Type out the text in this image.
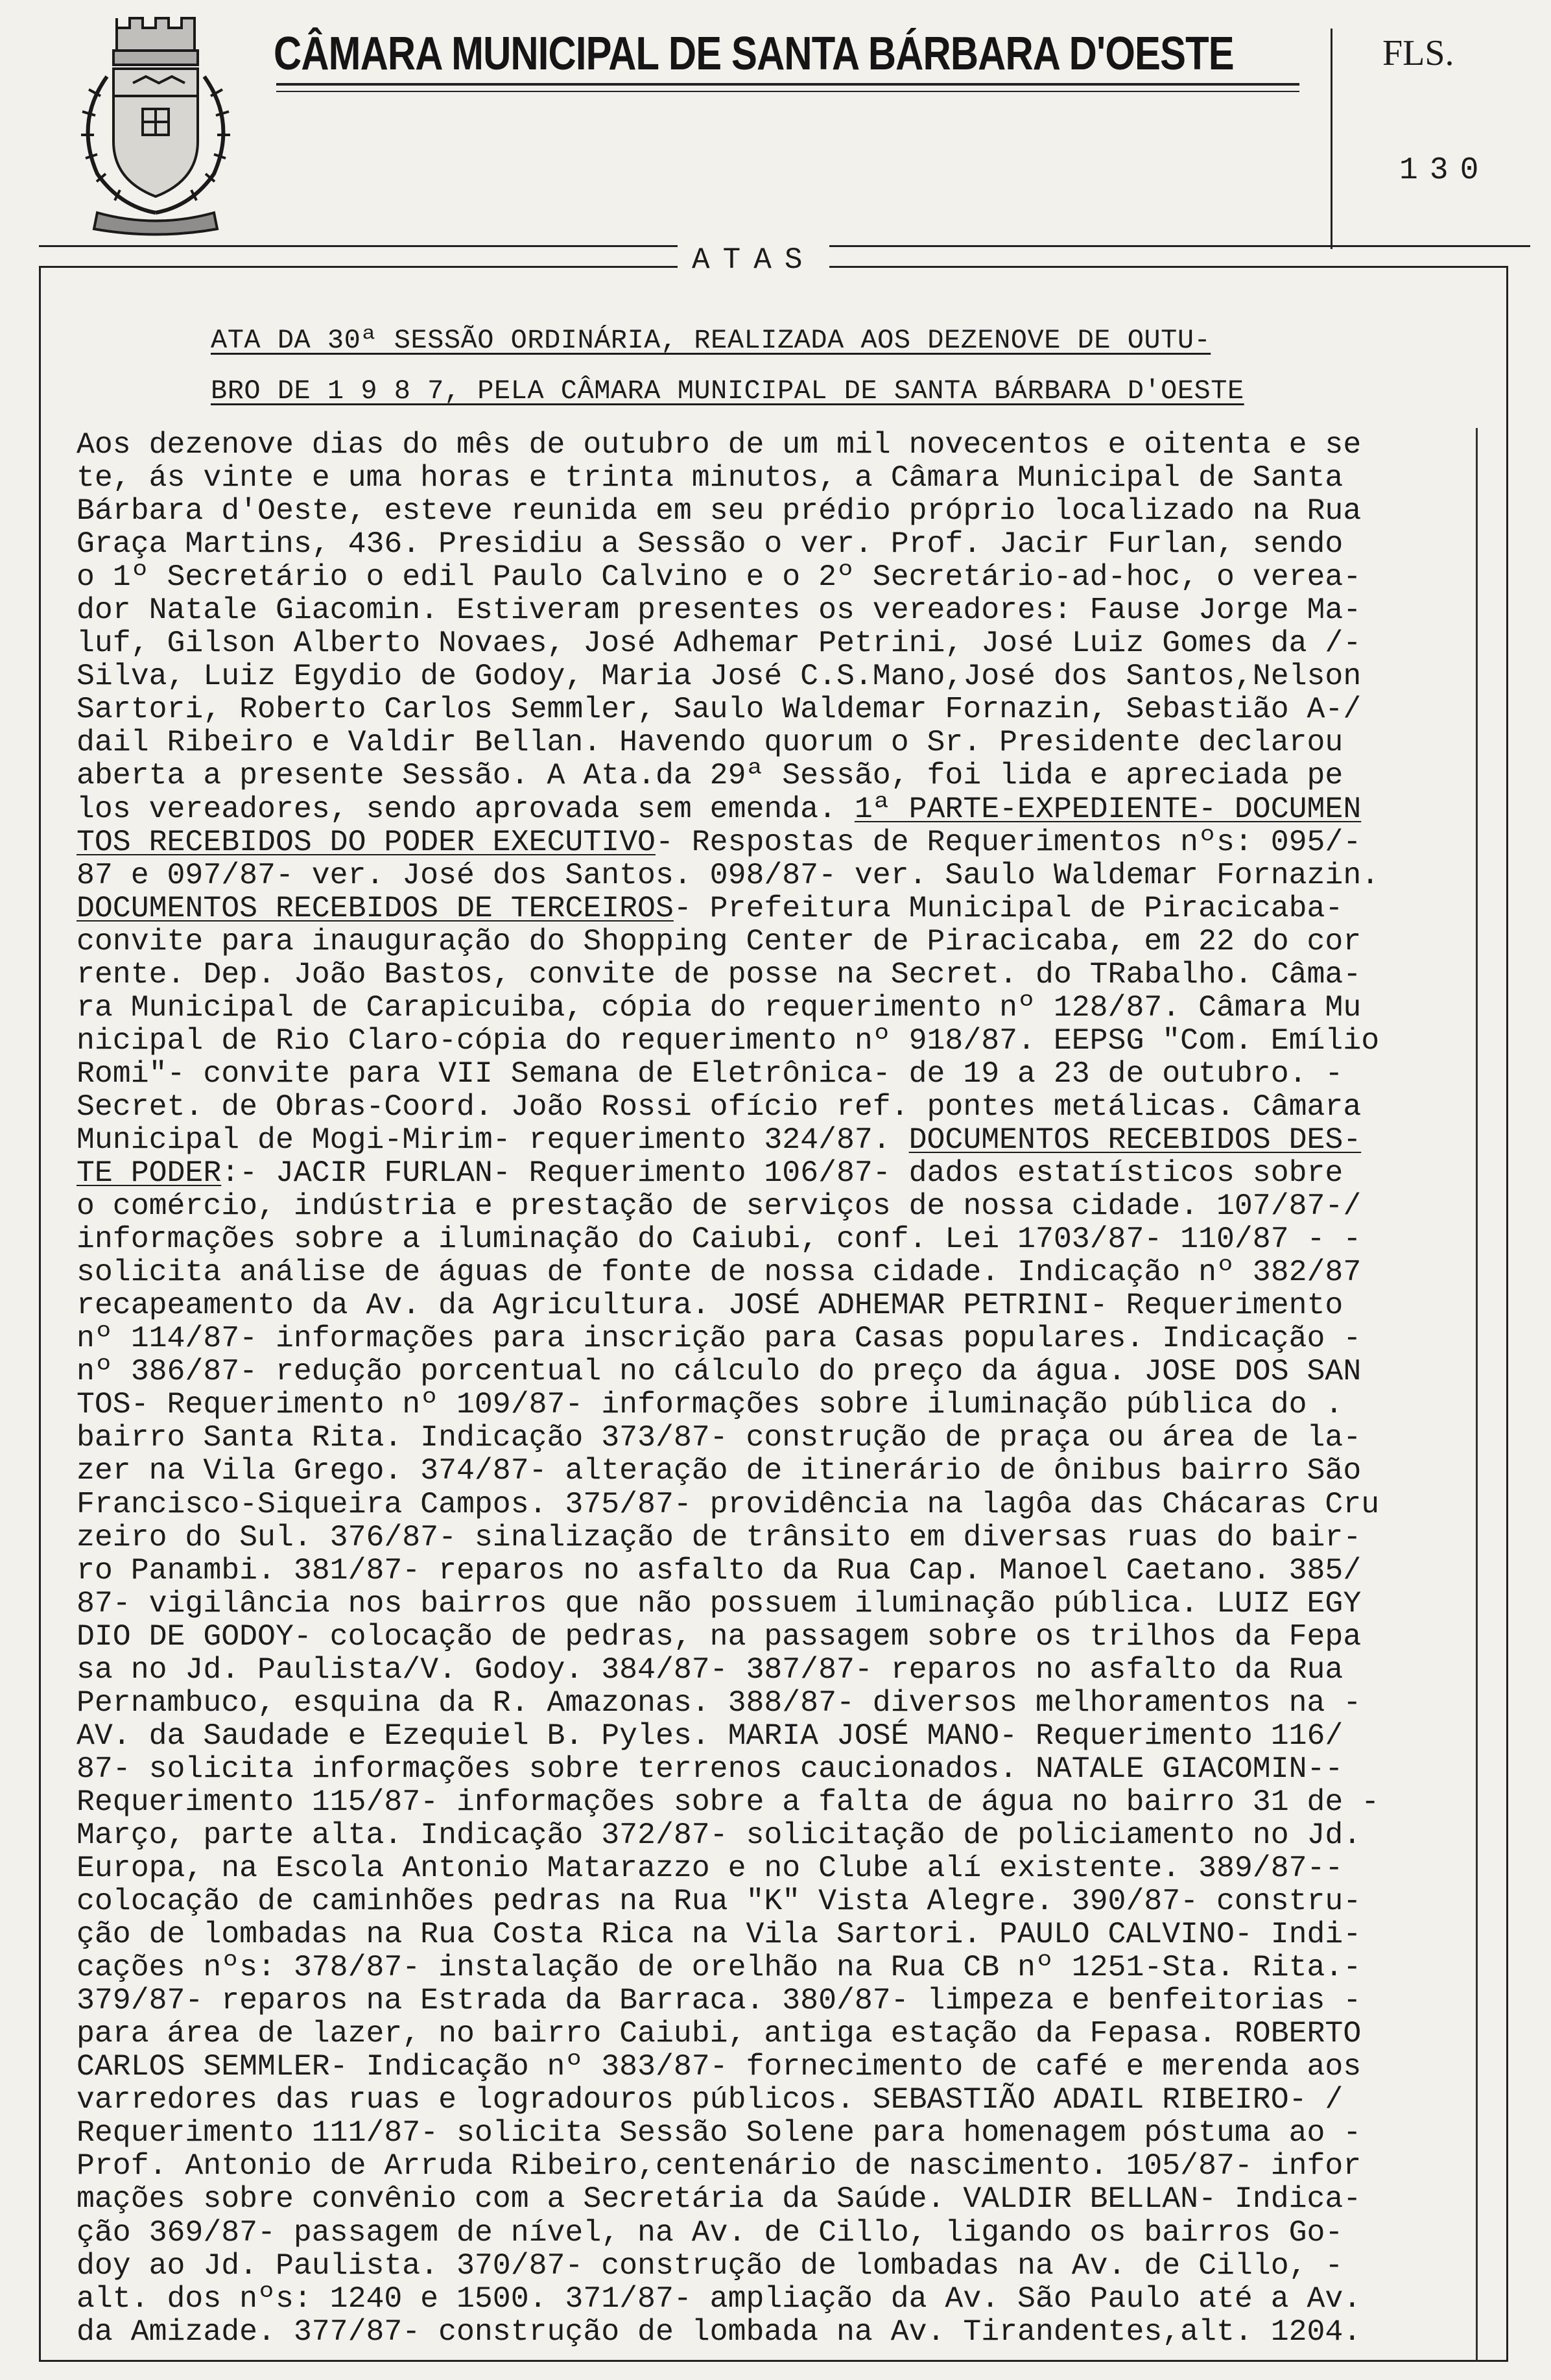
CÂMARA MUNICIPAL DE SANTA BÁRBARA D'OESTE	FLS.
130
ATAS
ATA DA 30ª SESSÃO ORDINÁRIA, REALIZADA AOS DEZENOVE DE OUTU-
BRO DE 1 9 8 7, PELA CÂMARA MUNICIPAL DE SANTA BÁRBARA D'OESTE
Aos dezenove dias do mês de outubro de um mil novecentos e oitenta e se
te, ás vinte e uma horas e trinta minutos, a Câmara Municipal de Santa
Bárbara d'Oeste, esteve reunida em seu prédio próprio localizado na Rua
Graça Martins, 436. Presidiu a Sessão o ver. Prof. Jacir Furlan, sendo
o 1º Secretário o edil Paulo Calvino e o 2º Secretário-ad-hoc, o verea-
dor Natale Giacomin. Estiveram presentes os vereadores: Fause Jorge Ma-
luf, Gilson Alberto Novaes, José Adhemar Petrini, José Luiz Gomes da /-
Silva, Luiz Egydio de Godoy, Maria José C.S.Mano,José dos Santos,Nelson
Sartori, Roberto Carlos Semmler, Saulo Waldemar Fornazin, Sebastião A-/
dail Ribeiro e Valdir Bellan. Havendo quorum o Sr. Presidente declarou
aberta a presente Sessão. A Ata.da 29ª Sessão, foi lida e apreciada pe
los vereadores, sendo aprovada sem emenda. 1ª PARTE-EXPEDIENTE- DOCUMEN
TOS RECEBIDOS DO PODER EXECUTIVO- Respostas de Requerimentos nºs: 095/-
87 e 097/87- ver. José dos Santos. 098/87- ver. Saulo Waldemar Fornazin.
DOCUMENTOS RECEBIDOS DE TERCEIROS- Prefeitura Municipal de Piracicaba-
convite para inauguração do Shopping Center de Piracicaba, em 22 do cor
rente. Dep. João Bastos, convite de posse na Secret. do TRabalho. Câma-
ra Municipal de Carapicuiba, cópia do requerimento nº 128/87. Câmara Mu
nicipal de Rio Claro-cópia do requerimento nº 918/87. EEPSG "Com. Emílio
Romi"- convite para VII Semana de Eletrônica- de 19 a 23 de outubro. -
Secret. de Obras-Coord. João Rossi ofício ref. pontes metálicas. Câmara
Municipal de Mogi-Mirim- requerimento 324/87. DOCUMENTOS RECEBIDOS DES-
TE PODER:- JACIR FURLAN- Requerimento 106/87- dados estatísticos sobre
o comércio, indústria e prestação de serviços de nossa cidade. 107/87-/
informações sobre a iluminação do Caiubi, conf. Lei 1703/87- 110/87 - -
solicita análise de águas de fonte de nossa cidade. Indicação nº 382/87
recapeamento da Av. da Agricultura. JOSÉ ADHEMAR PETRINI- Requerimento
nº 114/87- informações para inscrição para Casas populares. Indicação -
nº 386/87- redução porcentual no cálculo do preço da água. JOSE DOS SAN
TOS- Requerimento nº 109/87- informações sobre iluminação pública do .
bairro Santa Rita. Indicação 373/87- construção de praça ou área de la-
zer na Vila Grego. 374/87- alteração de itinerário de ônibus bairro São
Francisco-Siqueira Campos. 375/87- providência na lagôa das Chácaras Cru
zeiro do Sul. 376/87- sinalização de trânsito em diversas ruas do bair-
ro Panambi. 381/87- reparos no asfalto da Rua Cap. Manoel Caetano. 385/
87- vigilância nos bairros que não possuem iluminação pública. LUIZ EGY
DIO DE GODOY- colocação de pedras, na passagem sobre os trilhos da Fepa
sa no Jd. Paulista/V. Godoy. 384/87- 387/87- reparos no asfalto da Rua
Pernambuco, esquina da R. Amazonas. 388/87- diversos melhoramentos na -
AV. da Saudade e Ezequiel B. Pyles. MARIA JOSÉ MANO- Requerimento 116/
87- solicita informações sobre terrenos caucionados. NATALE GIACOMIN--
Requerimento 115/87- informações sobre a falta de água no bairro 31 de -
Março, parte alta. Indicação 372/87- solicitação de policiamento no Jd.
Europa, na Escola Antonio Matarazzo e no Clube alí existente. 389/87--
colocação de caminhões pedras na Rua "K" Vista Alegre. 390/87- constru-
ção de lombadas na Rua Costa Rica na Vila Sartori. PAULO CALVINO- Indi-
cações nºs: 378/87- instalação de orelhão na Rua CB nº 1251-Sta. Rita.-
379/87- reparos na Estrada da Barraca. 380/87- limpeza e benfeitorias -
para área de lazer, no bairro Caiubi, antiga estação da Fepasa. ROBERTO
CARLOS SEMMLER- Indicação nº 383/87- fornecimento de café e merenda aos
varredores das ruas e logradouros públicos. SEBASTIÃO ADAIL RIBEIRO- /
Requerimento 111/87- solicita Sessão Solene para homenagem póstuma ao -
Prof. Antonio de Arruda Ribeiro,centenário de nascimento. 105/87- infor
mações sobre convênio com a Secretária da Saúde. VALDIR BELLAN- Indica-
ção 369/87- passagem de nível, na Av. de Cillo, ligando os bairros Go-
doy ao Jd. Paulista. 370/87- construção de lombadas na Av. de Cillo, -
alt. dos nºs: 1240 e 1500. 371/87- ampliação da Av. São Paulo até a Av.
da Amizade. 377/87- construção de lombada na Av. Tirandentes,alt. 1204.
